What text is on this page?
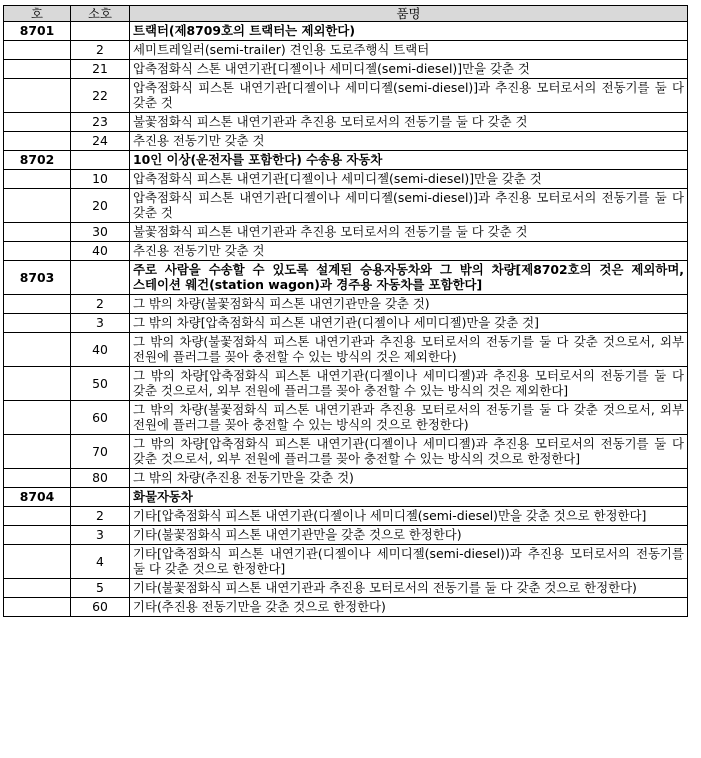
호	소호	품명
8701		트랙터(제8709호의 트랙터는 제외한다)
	2	세미트레일러(semi-trailer) 견인용 도로주행식 트랙터
	21	압축점화식 스톤 내연기관[디젤이나 세미디젤(semi-diesel)]만을 갖춘 것
	22	압축점화식 피스톤 내연기관[디젤이나 세미디젤(semi-diesel)]과 추진용 모터로서의 전동기를 둘 다 갖춘 것
	23	불꽃점화식 피스톤 내연기관과 추진용 모터로서의 전동기를 둘 다 갖춘 것
	24	추진용 전동기만 갖춘 것
8702		10인 이상(운전자를 포함한다) 수송용 자동차
	10	압축점화식 피스톤 내연기관[디젤이나 세미디젤(semi-diesel)]만을 갖춘 것
	20	압축점화식 피스톤 내연기관[디젤이나 세미디젤(semi-diesel)]과 추진용 모터로서의 전동기를 둘 다 갖춘 것
	30	불꽃점화식 피스톤 내연기관과 추진용 모터로서의 전동기를 둘 다 갖춘 것
	40	추진용 전동기만 갖춘 것
8703		주로 사람을 수송할 수 있도록 설계된 승용자동차와 그 밖의 차량[제8702호의 것은 제외하며, 스테이션 웨건(station wagon)과 경주용 자동차를 포함한다]
	2	그 밖의 차량(불꽃점화식 피스톤 내연기관만을 갖춘 것)
	3	그 밖의 차량[압축점화식 피스톤 내연기관(디젤이나 세미디젤)만을 갖춘 것]
	40	그 밖의 차량(불꽃점화식 피스톤 내연기관과 추진용 모터로서의 전동기를 둘 다 갖춘 것으로서, 외부 전원에 플러그를 꽂아 충전할 수 있는 방식의 것은 제외한다)
	50	그 밖의 차량[압축점화식 피스톤 내연기관(디젤이나 세미디젤)과 추진용 모터로서의 전동기를 둘 다 갖춘 것으로서, 외부 전원에 플러그를 꽂아 충전할 수 있는 방식의 것은 제외한다]
	60	그 밖의 차량(불꽃점화식 피스톤 내연기관과 추진용 모터로서의 전동기를 둘 다 갖춘 것으로서, 외부 전원에 플러그를 꽂아 충전할 수 있는 방식의 것으로 한정한다)
	70	그 밖의 차량[압축점화식 피스톤 내연기관(디젤이나 세미디젤)과 추진용 모터로서의 전동기를 둘 다 갖춘 것으로서, 외부 전원에 플러그를 꽂아 충전할 수 있는 방식의 것으로 한정한다]
	80	그 밖의 차량(추진용 전동기만을 갖춘 것)
8704		화물자동차
	2	기타[압축점화식 피스톤 내연기관(디젤이나 세미디젤(semi-diesel)만을 갖춘 것으로 한정한다]
	3	기타(불꽃점화식 피스톤 내연기관만을 갖춘 것으로 한정한다)
	4	기타[압축점화식 피스톤 내연기관(디젤이나 세미디젤(semi-diesel))과 추진용 모터로서의 전동기를 둘 다 갖춘 것으로 한정한다]
	5	기타(불꽃점화식 피스톤 내연기관과 추진용 모터로서의 전동기를 둘 다 갖춘 것으로 한정한다)
	60	기타(추진용 전동기만을 갖춘 것으로 한정한다)
